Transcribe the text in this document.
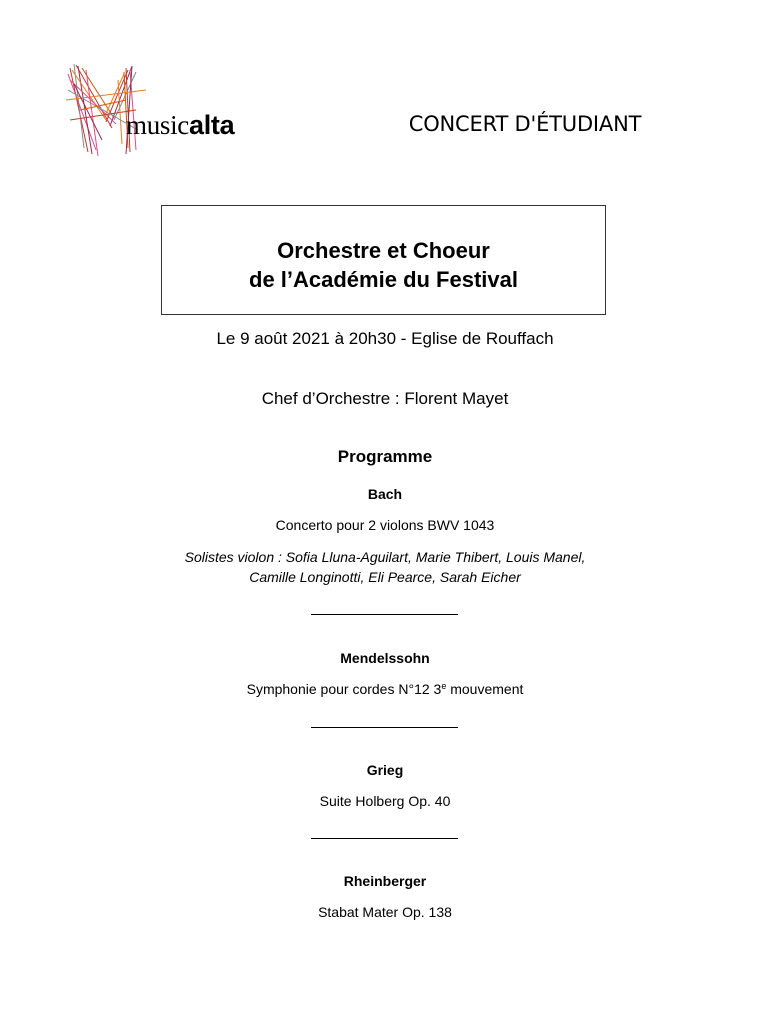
musicalta	CONCERT D'ÉTUDIANT
Orchestre et Choeur
de l’Académie du Festival
Le 9 août 2021 à 20h30 - Eglise de Rouffach
Chef d’Orchestre : Florent Mayet
Programme
Bach
Concerto pour 2 violons BWV 1043
Solistes violon : Sofia Lluna-Aguilart, Marie Thibert, Louis Manel,
Camille Longinotti, Eli Pearce, Sarah Eicher
Mendelssohn
Symphonie pour cordes N°12 3e mouvement
Grieg
Suite Holberg Op. 40
Rheinberger
Stabat Mater Op. 138
